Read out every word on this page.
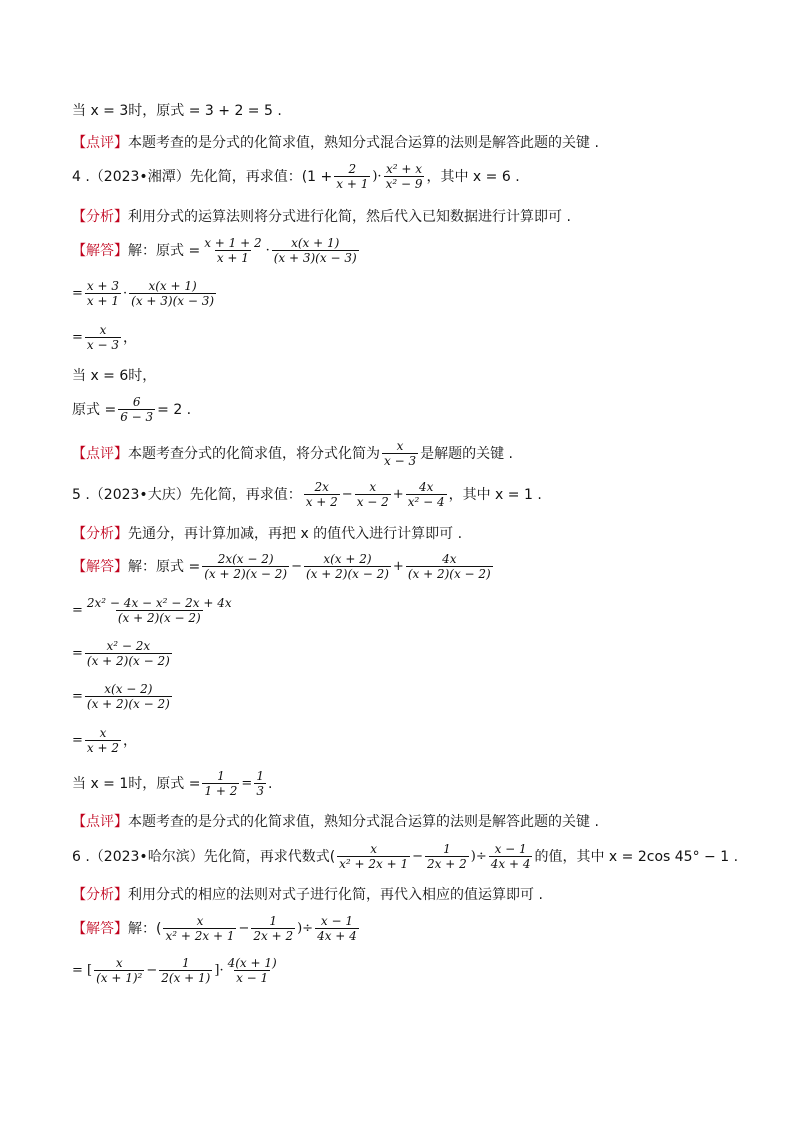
当 x = 3时，原式 = 3 + 2 = 5 .
【点评】 本题考查的是分式的化简求值，熟知分式混合运算的法则是解答此题的关键 .
4 .（2023•湘潭）先化简，再求值：($1 + \frac{2}{x + 1}$ )· $\frac{\text{x² + x}}{\text{x² − 9}}$ ，其中 x = 6 .
【分析】 利用分式的运算法则将分式进行化简，然后代入已知数据进行计算即可 .
【解答】 解：原式 = $\frac{x + 1 + 2}{x + 1} \cdot \frac{x(x + 1)}{(x + 3)(x - 3)}$
= $\frac{x + 3}{x + 1} \cdot \frac{x(x + 1)}{(x + 3)(x - 3)}$
= $\frac{x}{x - 3}$ ，
当 x = 6时，
原式 = $\frac{6}{6 - 3} = 2$ .
【点评】 本题考查分式的化简求值，将分式化简为 $\frac{x}{x - 3}$ 是解题的关键 .
5 .（2023•大庆）先化简，再求值： $\frac{2x}{x + 2} - \frac{x}{x - 2} + \frac{4x}{\text{x² − 4}}$ ，其中 x = 1 .
【分析】 先通分，再计算加减，再把 x 的值代入进行计算即可 .
【解答】 解：原式 = $\frac{2x(x - 2)}{(x + 2)(x - 2)} - \frac{x(x + 2)}{(x + 2)(x - 2)} + \frac{4x}{(x + 2)(x - 2)}$
= $\frac{\text{2x² − 4x − x² − 2x + 4x}}{(x + 2)(x - 2)}$
= $\frac{\text{x² − 2x}}{(x + 2)(x - 2)}$
= $\frac{x(x - 2)}{(x + 2)(x - 2)}$
= $\frac{x}{x + 2}$ ，
当 x = 1时，原式 = $\frac{1}{1 + 2} = \frac{1}{3}$ .
【点评】 本题考查的是分式的化简求值，熟知分式混合运算的法则是解答此题的关键 .
6 .（2023•哈尔滨）先化简，再求代数式( $\frac{x}{\text{x² + 2x + 1}} - \frac{1}{2x + 2}$ )÷ $\frac{x - 1}{4x + 4}$ 的值，其中 x = 2cos 45° − 1 .
【分析】 利用分式的相应的法则对式子进行化简，再代入相应的值运算即可 .
【解答】 解：( $\frac{x}{\text{x² + 2x + 1}} - \frac{1}{2x + 2}$ )÷ $\frac{x - 1}{4x + 4}$
= [ $\frac{x}{\text{(x + 1)²}} - \frac{1}{2(x + 1)}$ ]· $\frac{4(x + 1)}{x - 1}$
